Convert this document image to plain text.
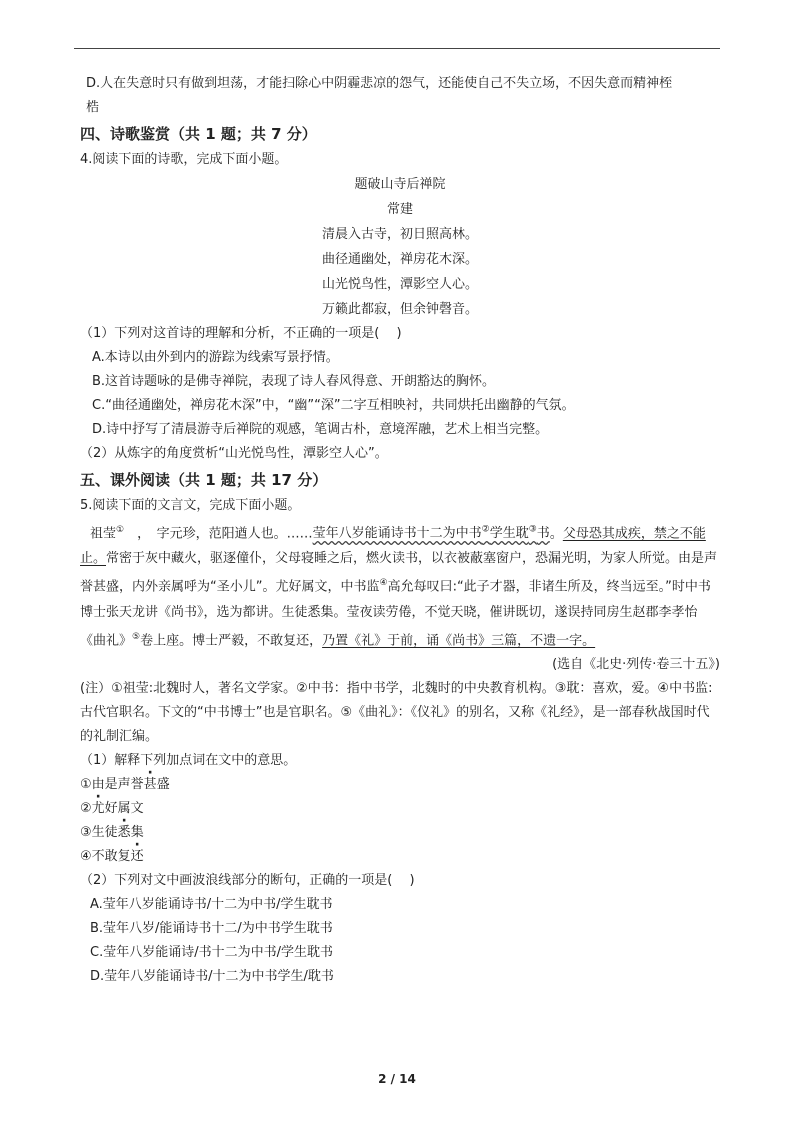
D.人在失意时只有做到坦荡，才能扫除心中阴霾悲凉的怨气，还能使自己不失立场，不因失意而精神桎

梏

四、诗歌鉴赏（共 1 题；共 7 分）

4.阅读下面的诗歌，完成下面小题。

题破山寺后禅院

常建

清晨入古寺，初日照高林。

曲径通幽处，禅房花木深。

山光悦鸟性，潭影空人心。

万籁此都寂，但余钟磬音。

（1）下列对这首诗的理解和分析，不正确的一项是(　 )

A.本诗以由外到内的游踪为线索写景抒情。

B.这首诗题咏的是佛寺禅院，表现了诗人春风得意、开朗豁达的胸怀。

C.“曲径通幽处，禅房花木深”中，“幽”“深”二字互相映衬，共同烘托出幽静的气氛。

D.诗中抒写了清晨游寺后禅院的观感，笔调古朴，意境浑融，艺术上相当完整。

（2）从炼字的角度赏析“山光悦鸟性，潭影空人心”。

五、课外阅读（共 1 题；共 17 分）

5.阅读下面的文言文，完成下面小题。

祖莹①　，　字元珍，范阳遒人也。……莹年八岁能诵诗书十二为中书②学生耽③书。父母恐其成疾，禁之不能止。常密于灰中藏火，驱逐僮仆，父母寝睡之后，燃火读书，以衣被蔽塞窗户，恐漏光明，为家人所觉。由是声誉甚盛，内外亲属呼为“圣小儿”。尤好属文，中书监④高允每叹曰:“此子才器，非诸生所及，终当远至。”时中书博士张天龙讲《尚书》，选为都讲。生徒悉集。莹夜读劳倦，不觉天晓，催讲既切，遂误持同房生赵郡李孝怡《曲礼》⑤卷上座。博士严毅，不敢复还，乃置《礼》于前，诵《尚书》三篇，不遗一字。

(选自《北史·列传·卷三十五》)

(注）①祖莹:北魏时人，著名文学家。②中书：指中书学，北魏时的中央教育机构。③耽：喜欢，爱。④中书监:古代官职名。下文的“中书博士”也是官职名。⑤《曲礼》：《仪礼》的别名，又称《礼经》，是一部春秋战国时代的礼制汇编。

（1）解释下列加点词在文中的意思。

①由是声誉甚盛

②尤好属文

③生徒悉集

④不敢复还

（2）下列对文中画波浪线部分的断句，正确的一项是(　 )

A.莹年八岁能诵诗书/十二为中书/学生耽书

B.莹年八岁/能诵诗书十二/为中书学生耽书

C.莹年八岁能诵诗/书十二为中书/学生耽书

D.莹年八岁能诵诗书/十二为中书学生/耽书

2 / 14
